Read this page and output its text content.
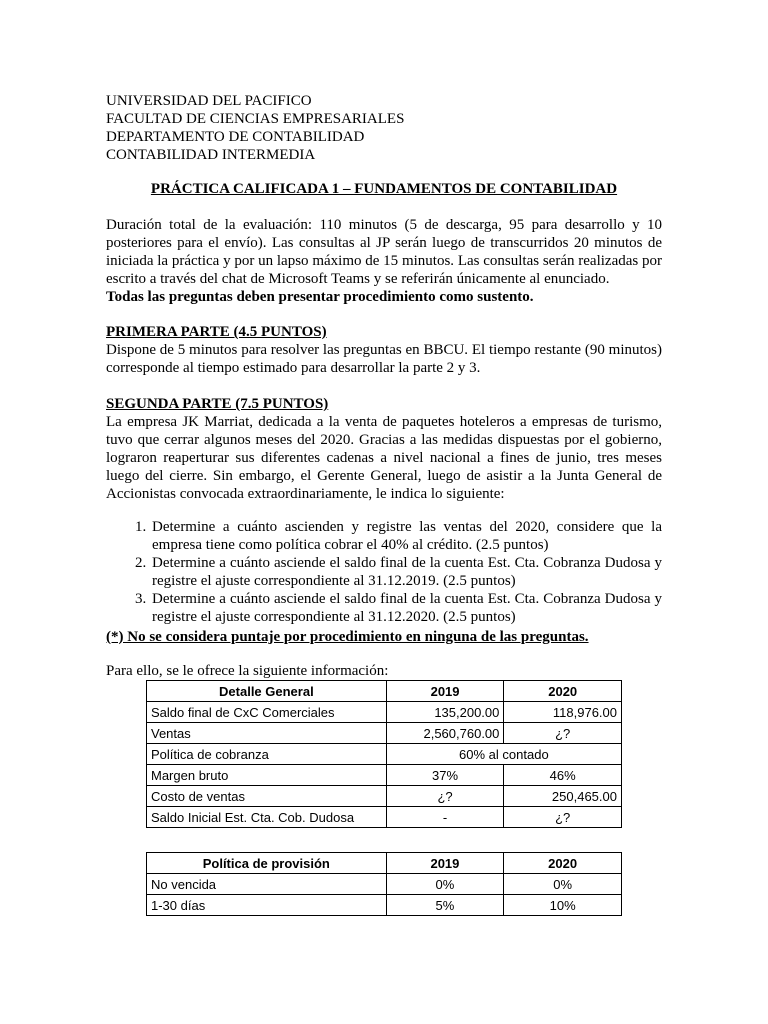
UNIVERSIDAD DEL PACIFICO
FACULTAD DE CIENCIAS EMPRESARIALES
DEPARTAMENTO DE CONTABILIDAD
CONTABILIDAD INTERMEDIA
PRÁCTICA CALIFICADA 1 – FUNDAMENTOS DE CONTABILIDAD
Duración total de la evaluación: 110 minutos (5 de descarga, 95 para desarrollo y 10 posteriores para el envío). Las consultas al JP serán luego de transcurridos 20 minutos de iniciada la práctica y por un lapso máximo de 15 minutos. Las consultas serán realizadas por escrito a través del chat de Microsoft Teams y se referirán únicamente al enunciado.
Todas las preguntas deben presentar procedimiento como sustento.
PRIMERA PARTE (4.5 PUNTOS)
Dispone de 5 minutos para resolver las preguntas en BBCU. El tiempo restante (90 minutos) corresponde al tiempo estimado para desarrollar la parte 2 y 3.
SEGUNDA PARTE (7.5 PUNTOS)
La empresa JK Marriat, dedicada a la venta de paquetes hoteleros a empresas de turismo, tuvo que cerrar algunos meses del 2020. Gracias a las medidas dispuestas por el gobierno, lograron reaperturar sus diferentes cadenas a nivel nacional a fines de junio, tres meses luego del cierre. Sin embargo, el Gerente General, luego de asistir a la Junta General de Accionistas convocada extraordinariamente, le indica lo siguiente:
1. Determine a cuánto ascienden y registre las ventas del 2020, considere que la empresa tiene como política cobrar el 40% al crédito. (2.5 puntos)
2. Determine a cuánto asciende el saldo final de la cuenta Est. Cta. Cobranza Dudosa y registre el ajuste correspondiente al 31.12.2019. (2.5 puntos)
3. Determine a cuánto asciende el saldo final de la cuenta Est. Cta. Cobranza Dudosa y registre el ajuste correspondiente al 31.12.2020. (2.5 puntos)
(*) No se considera puntaje por procedimiento en ninguna de las preguntas.
Para ello, se le ofrece la siguiente información:
Detalle General	2019	2020
Saldo final de CxC Comerciales	135,200.00	118,976.00
Ventas	2,560,760.00	¿?
Política de cobranza	60% al contado	
Margen bruto	37%	46%
Costo de ventas	¿?	250,465.00
Saldo Inicial Est. Cta. Cob. Dudosa	-	¿?
Política de provisión	2019	2020
No vencida	0%	0%
1-30 días	5%	10%
